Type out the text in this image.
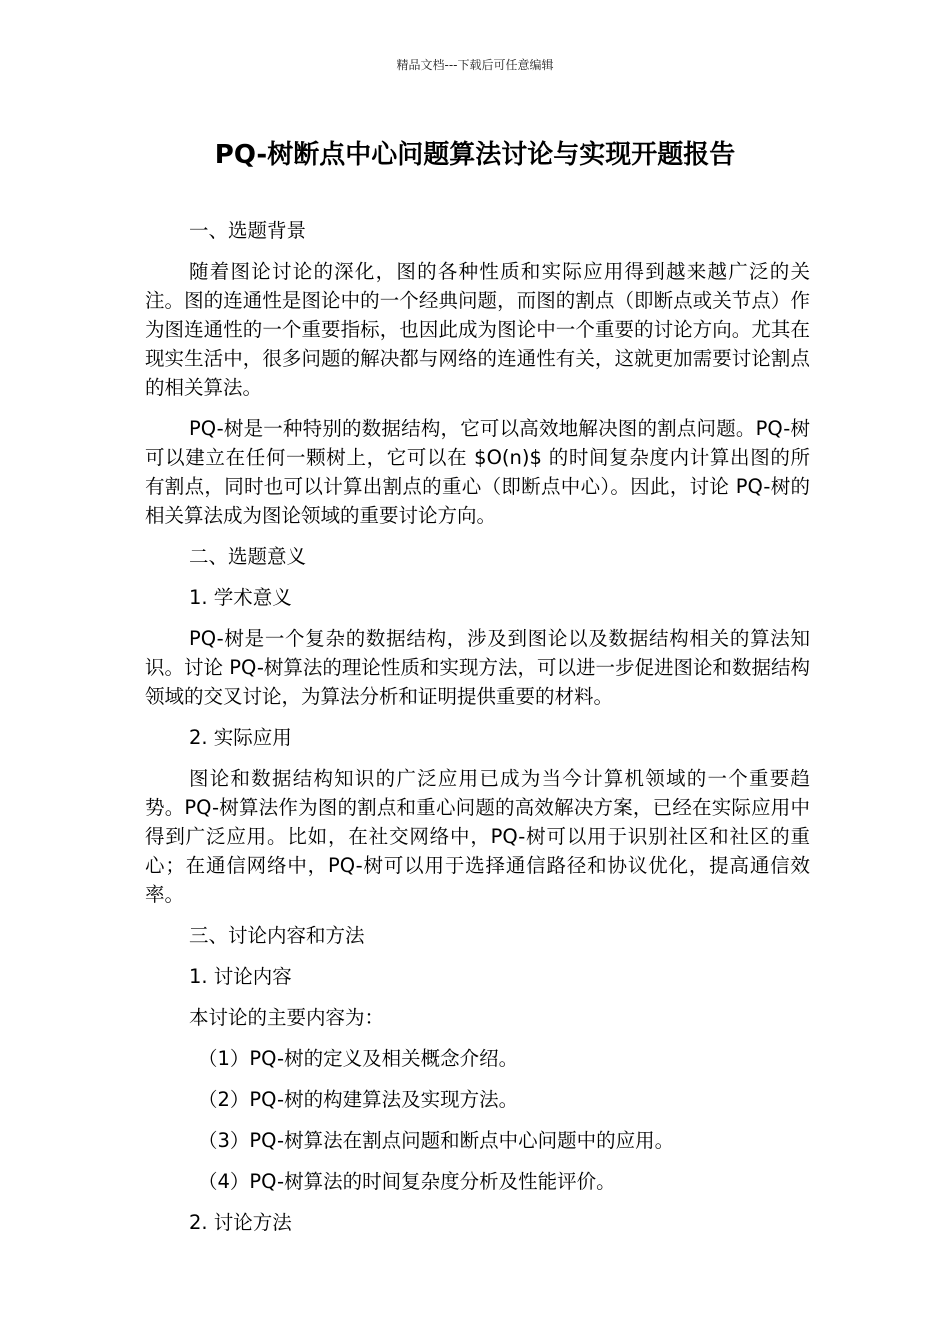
精品文档---下载后可任意编辑
PQ-树断点中心问题算法讨论与实现开题报告

一、选题背景

随着图论讨论的深化，图的各种性质和实际应用得到越来越广泛的关注。图的连通性是图论中的一个经典问题，而图的割点（即断点或关节点）作为图连通性的一个重要指标，也因此成为图论中一个重要的讨论方向。尤其在现实生活中，很多问题的解决都与网络的连通性有关，这就更加需要讨论割点的相关算法。

PQ-树是一种特别的数据结构，它可以高效地解决图的割点问题。PQ-树可以建立在任何一颗树上，它可以在 $O(n)$ 的时间复杂度内计算出图的所有割点，同时也可以计算出割点的重心（即断点中心）。因此，讨论 PQ-树的相关算法成为图论领域的重要讨论方向。

二、选题意义

1. 学术意义

PQ-树是一个复杂的数据结构，涉及到图论以及数据结构相关的算法知识。讨论 PQ-树算法的理论性质和实现方法，可以进一步促进图论和数据结构领域的交叉讨论，为算法分析和证明提供重要的材料。

2. 实际应用

图论和数据结构知识的广泛应用已成为当今计算机领域的一个重要趋势。PQ-树算法作为图的割点和重心问题的高效解决方案，已经在实际应用中得到广泛应用。比如，在社交网络中，PQ-树可以用于识别社区和社区的重心；在通信网络中，PQ-树可以用于选择通信路径和协议优化，提高通信效率。

三、讨论内容和方法

1. 讨论内容

本讨论的主要内容为：

（1）PQ-树的定义及相关概念介绍。

（2）PQ-树的构建算法及实现方法。

（3）PQ-树算法在割点问题和断点中心问题中的应用。

（4）PQ-树算法的时间复杂度分析及性能评价。

2. 讨论方法
